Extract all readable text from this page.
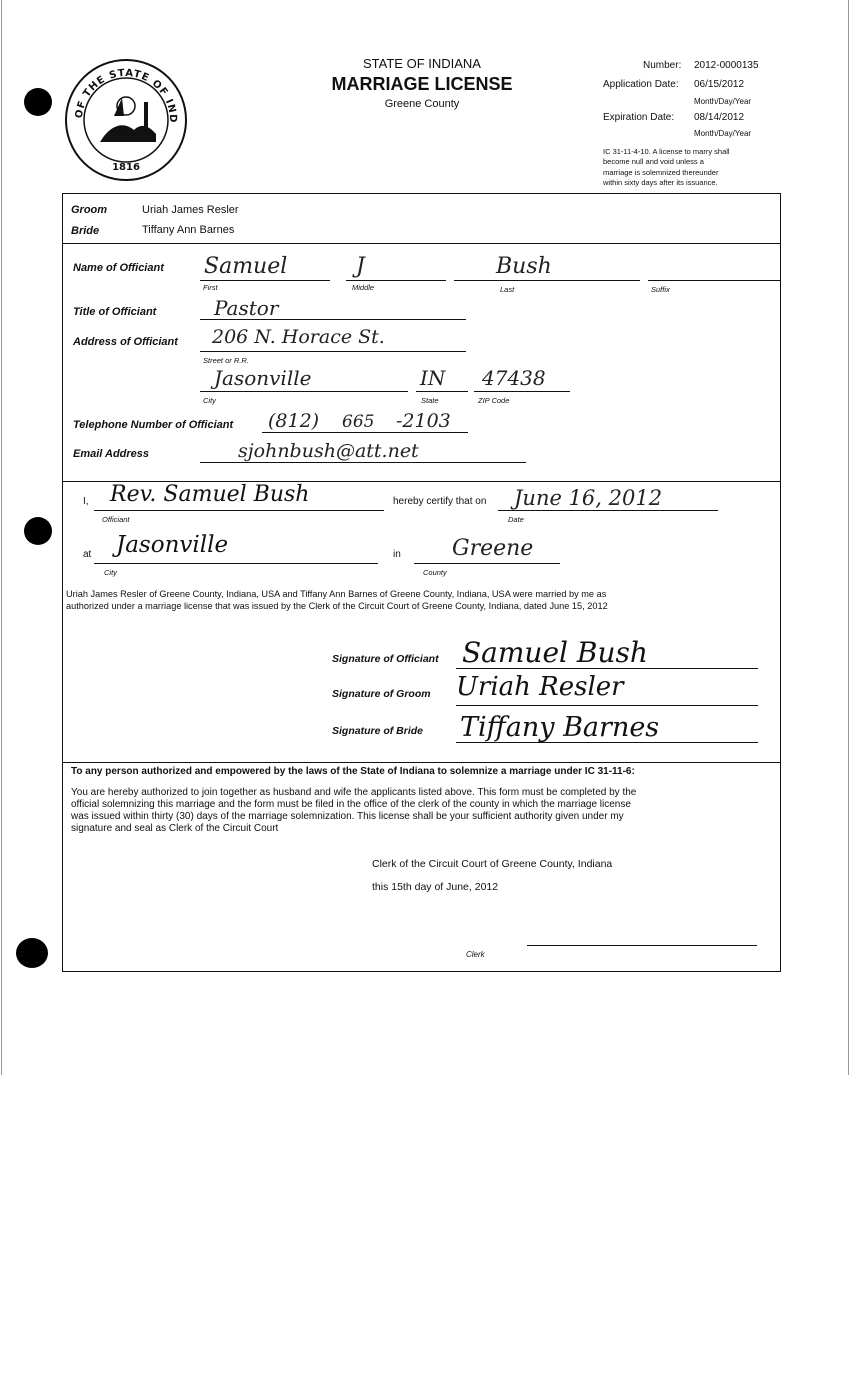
OF THE STATE OF IND
1816
STATE OF INDIANA
MARRIAGE LICENSE
Greene County
Number: 2012-0000135
Application Date: 06/15/2012
Month/Day/Year
Expiration Date: 08/14/2012
Month/Day/Year
IC 31-11-4-10. A license to marry shall
become null and void unless a
marriage is solemnized thereunder
within sixty days after its issuance.
Groom	Uriah James Resler
Bride	Tiffany Ann Barnes
Name of Officiant Samuel
First
J
Middle
Bush
Last	Suffix
Title of Officiant	Pastor
Address of Officiant 206 N. Horace St.
Street or R.R.
Jasonville
City
IN
State
47438
ZIP Code
Telephone Number of Officiant (812) 665 -2103
Email Address	sjohnbush@att.net
I, Rev. Samuel Bush
Officiant
hereby certify that on June 16, 2012
Date
at Jasonville
City
in Greene
County
Uriah James Resler of Greene County, Indiana, USA and Tiffany Ann Barnes of Greene County, Indiana, USA were married by me as
authorized under a marriage license that was issued by the Clerk of the Circuit Court of Greene County, Indiana, dated June 15, 2012
Signature of Officiant Samuel Bush
Signature of Groom Uriah Resler
Signature of Bride Tiffany Barnes
To any person authorized and empowered by the laws of the State of Indiana to solemnize a marriage under IC 31-11-6:
You are hereby authorized to join together as husband and wife the applicants listed above. This form must be completed by the
official solemnizing this marriage and the form must be filed in the office of the clerk of the county in which the marriage license
was issued within thirty (30) days of the marriage solemnization. This license shall be your sufficient authority given under my
signature and seal as Clerk of the Circuit Court
Clerk of the Circuit Court of Greene County, Indiana
this 15th day of June, 2012
Clerk
